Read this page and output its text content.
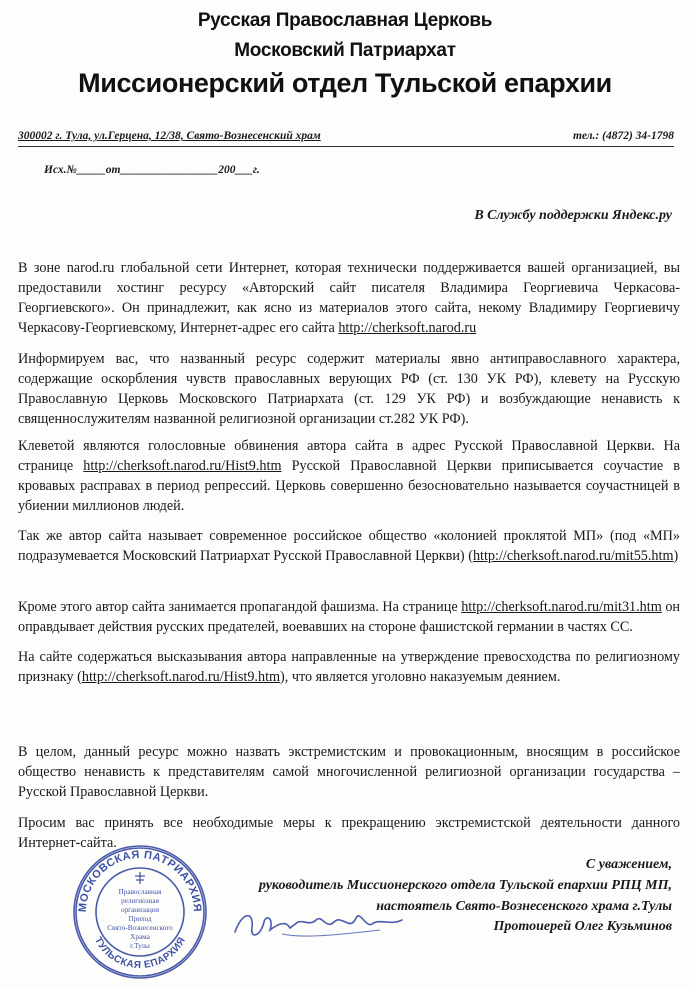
Русская Православная Церковь
Московский Патриархат
Миссионерский отдел Тульской епархии
300002 г. Тула, ул.Герцена, 12/38, Свято-Вознесенский храм	тел.: (4872) 34-1798
Исх.№_____от_________________200___г.
В Службу поддержки Яндекс.ру
В зоне narod.ru глобальной сети Интернет, которая технически поддерживается вашей организацией, вы предоставили хостинг ресурсу «Авторский сайт писателя Владимира Георгиевича Черкасова-Георгиевского». Он принадлежит, как ясно из материалов этого сайта, некому Владимиру Георгиевичу Черкасову-Георгиевскому, Интернет-адрес его сайта http://cherksoft.narod.ru
Информируем вас, что названный ресурс содержит материалы явно антиправославного характера, содержащие оскорбления чувств православных верующих РФ (ст. 130 УК РФ), клевету на Русскую Православную Церковь Московского Патриархата (ст. 129 УК РФ) и возбуждающие ненависть к священнослужителям названной религиозной организации ст.282 УК РФ).
Клеветой являются голословные обвинения автора сайта в адрес Русской Православной Церкви. На странице http://cherksoft.narod.ru/Hist9.htm Русской Православной Церкви приписывается соучастие в кровавых расправах в период репрессий. Церковь совершенно безосновательно называется соучастницей в убиении миллионов людей.
Так же автор сайта называет современное российское общество «колонией проклятой МП» (под «МП» подразумевается Московский Патриархат Русской Православной Церкви) (http://cherksoft.narod.ru/mit55.htm)
Кроме этого автор сайта занимается пропагандой фашизма. На странице http://cherksoft.narod.ru/mit31.htm он оправдывает действия русских предателей, воевавших на стороне фашистской германии в частях СС.
На сайте содержаться высказывания автора направленные на утверждение превосходства по религиозному признаку (http://cherksoft.narod.ru/Hist9.htm), что является уголовно наказуемым деянием.
В целом, данный ресурс можно назвать экстремистским и провокационным, вносящим в российское общество ненависть к представителям самой многочисленной религиозной организации государства – Русской Православной Церкви.
Просим вас принять все необходимые меры к прекращению экстремистской деятельности данного Интернет-сайта.
МОСКОВСКАЯ ПАТРИАРХИЯ
ТУЛЬСКАЯ ЕПАРХИЯ
Православная
религиозная
организация
Приход
Свято-Вознесенского
Храма
г.Тулы
С уважением,
руководитель Миссионерского отдела Тульской епархии РПЦ МП,
настоятель Свято-Вознесенского храма г.Тулы
Протоиерей Олег Кузьминов
